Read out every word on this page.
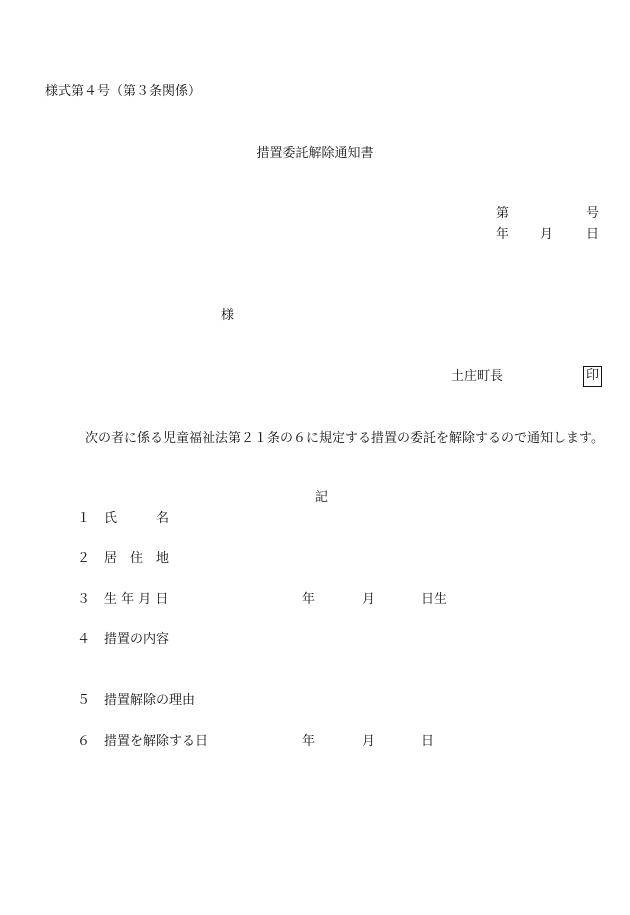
様式第４号（第３条関係）
措置委託解除通知書
第	号
年 月	日
様
土庄町長	印
次の者に係る児童福祉法第２１条の６に規定する措置の委託を解除するので通知します。
記
１ 氏　　　名
２ 居　住　地
３ 生 年 月 日	年	月	日生
４ 措置の内容
５ 措置解除の理由
６ 措置を解除する日	年	月	日
